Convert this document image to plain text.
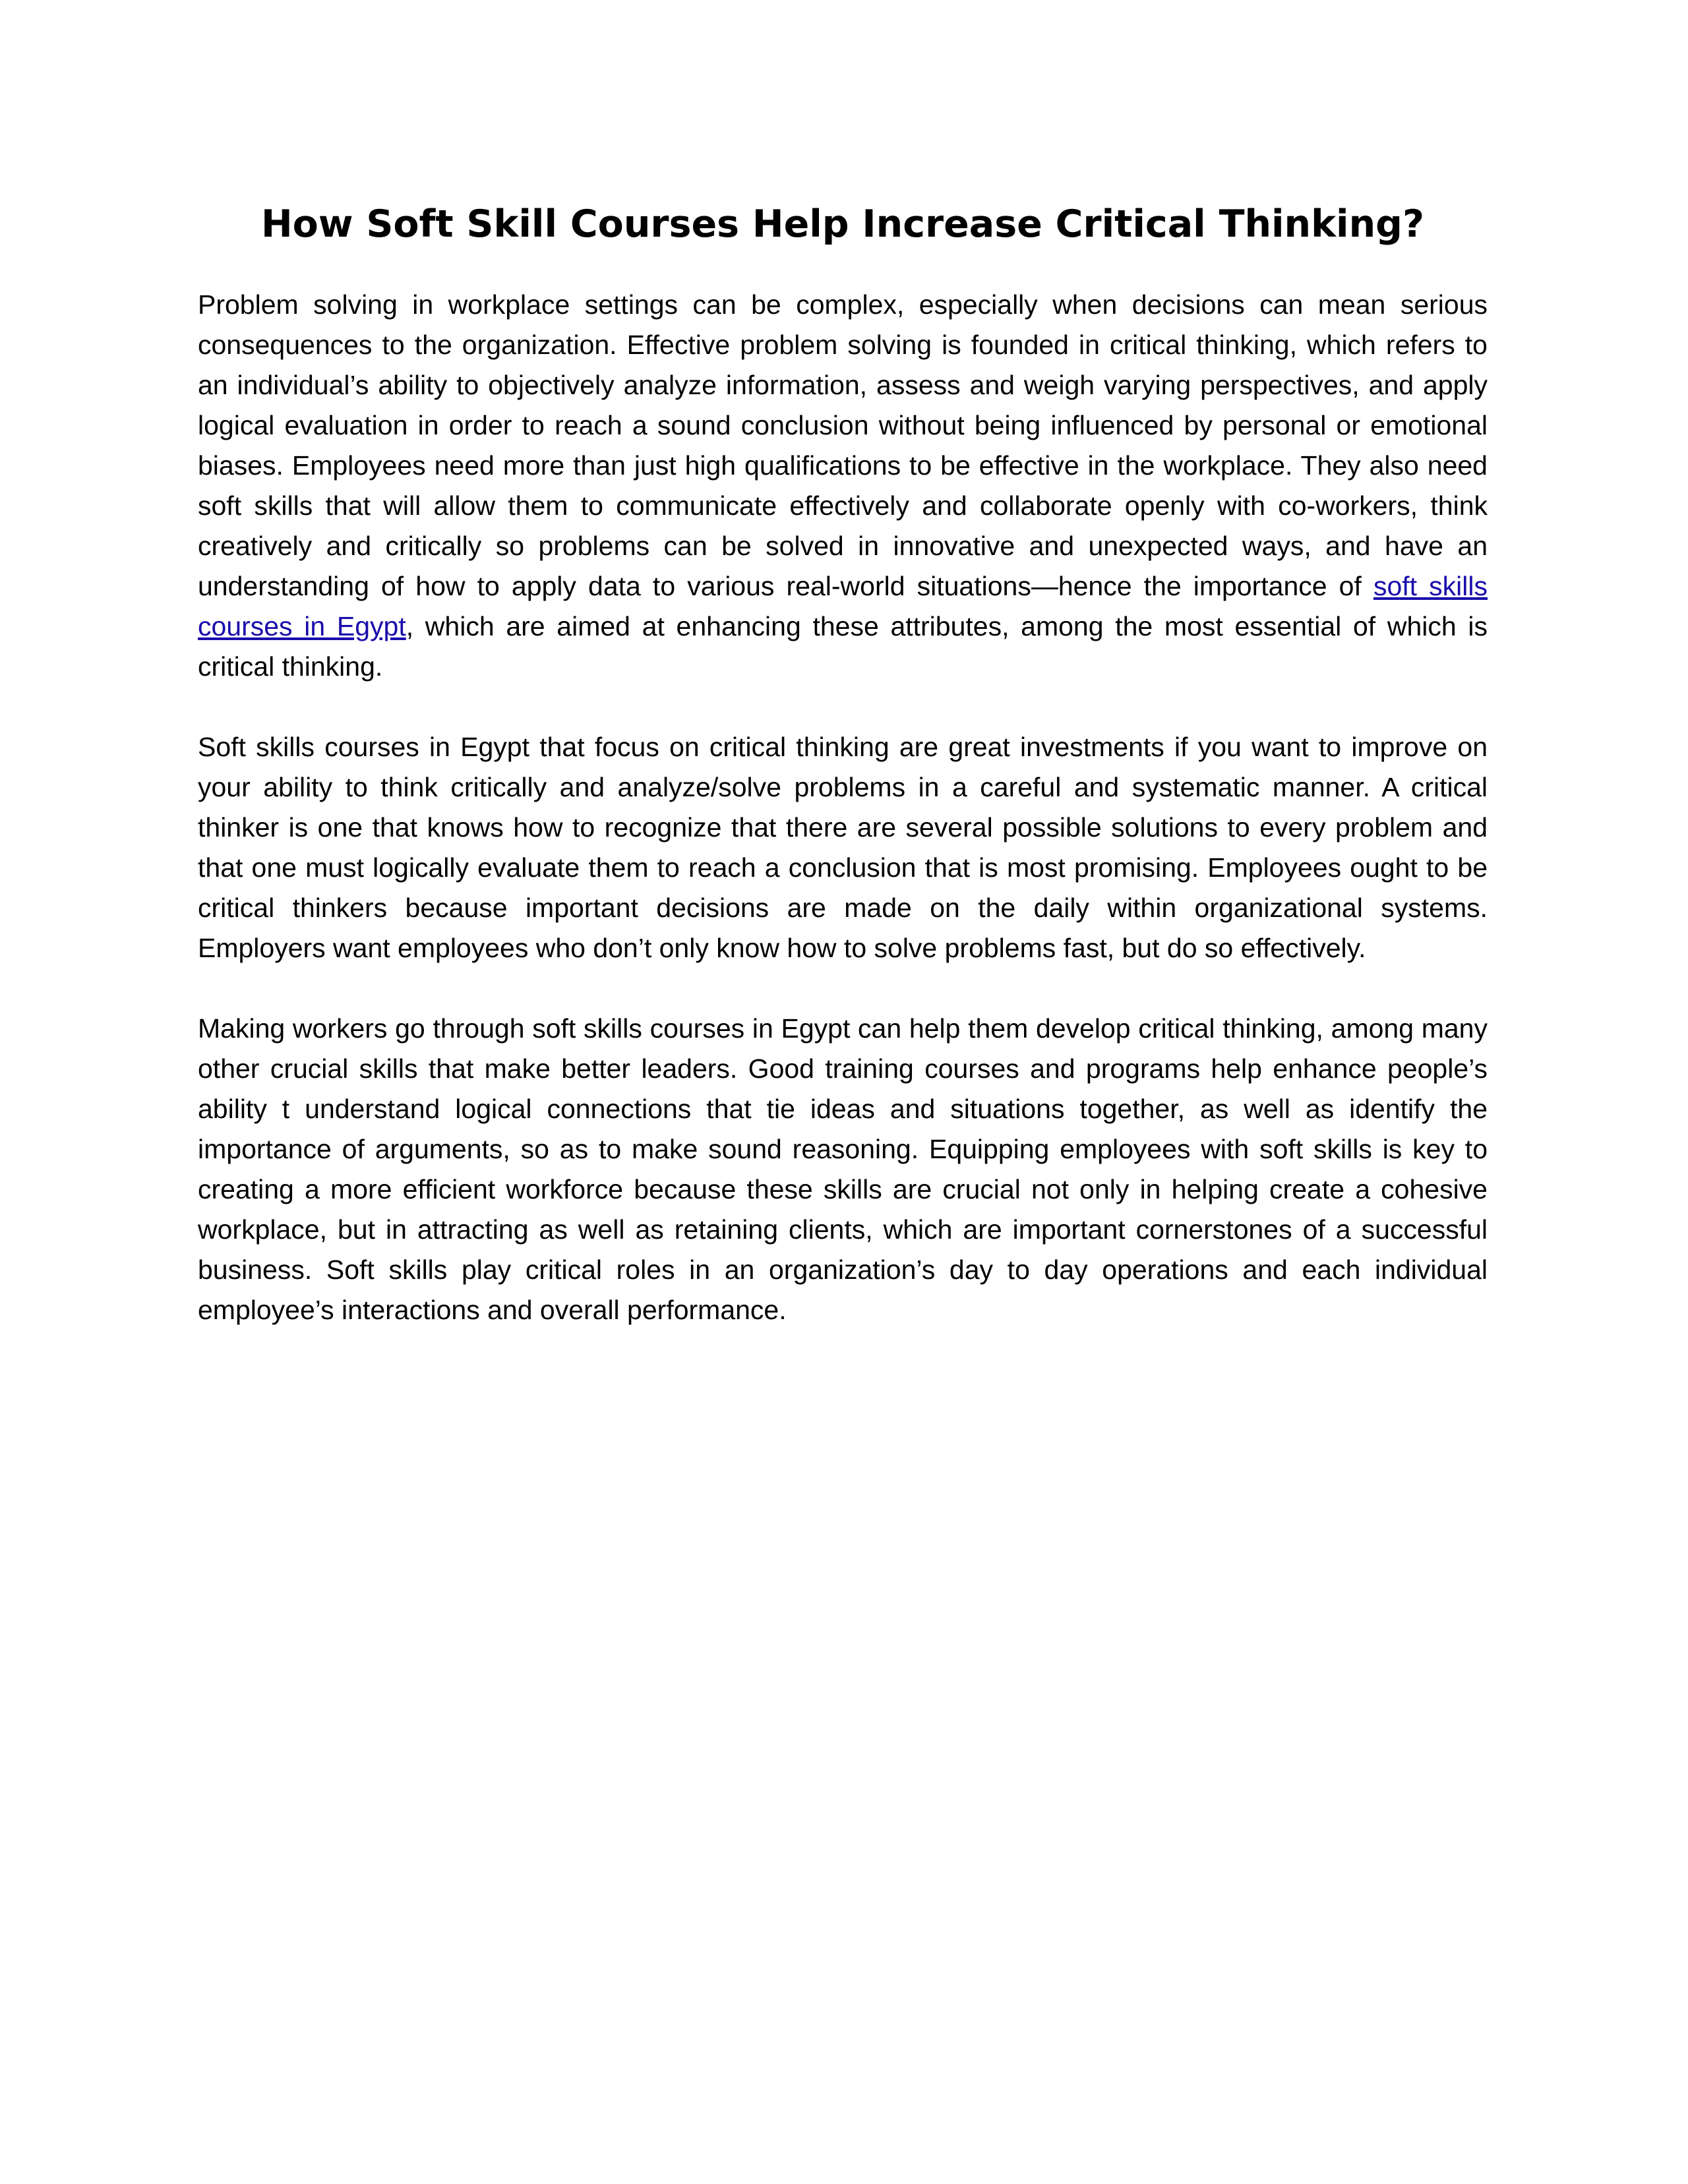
How Soft Skill Courses Help Increase Critical Thinking?

Problem solving in workplace settings can be complex, especially when decisions can mean serious consequences to the organization. Effective problem solving is founded in critical thinking, which refers to an individual’s ability to objectively analyze information, assess and weigh varying perspectives, and apply logical evaluation in order to reach a sound conclusion without being influenced by personal or emotional biases. Employees need more than just high qualifications to be effective in the workplace. They also need soft skills that will allow them to communicate effectively and collaborate openly with co-workers, think creatively and critically so problems can be solved in innovative and unexpected ways, and have an understanding of how to apply data to various real-world situations—hence the importance of soft skills courses in Egypt, which are aimed at enhancing these attributes, among the most essential of which is critical thinking.

Soft skills courses in Egypt that focus on critical thinking are great investments if you want to improve on your ability to think critically and analyze/solve problems in a careful and systematic manner. A critical thinker is one that knows how to recognize that there are several possible solutions to every problem and that one must logically evaluate them to reach a conclusion that is most promising. Employees ought to be critical thinkers because important decisions are made on the daily within organizational systems. Employers want employees who don’t only know how to solve problems fast, but do so effectively.

Making workers go through soft skills courses in Egypt can help them develop critical thinking, among many other crucial skills that make better leaders. Good training courses and programs help enhance people’s ability t understand logical connections that tie ideas and situations together, as well as identify the importance of arguments, so as to make sound reasoning. Equipping employees with soft skills is key to creating a more efficient workforce because these skills are crucial not only in helping create a cohesive workplace, but in attracting as well as retaining clients, which are important cornerstones of a successful business. Soft skills play critical roles in an organization’s day to day operations and each individual employee’s interactions and overall performance.
